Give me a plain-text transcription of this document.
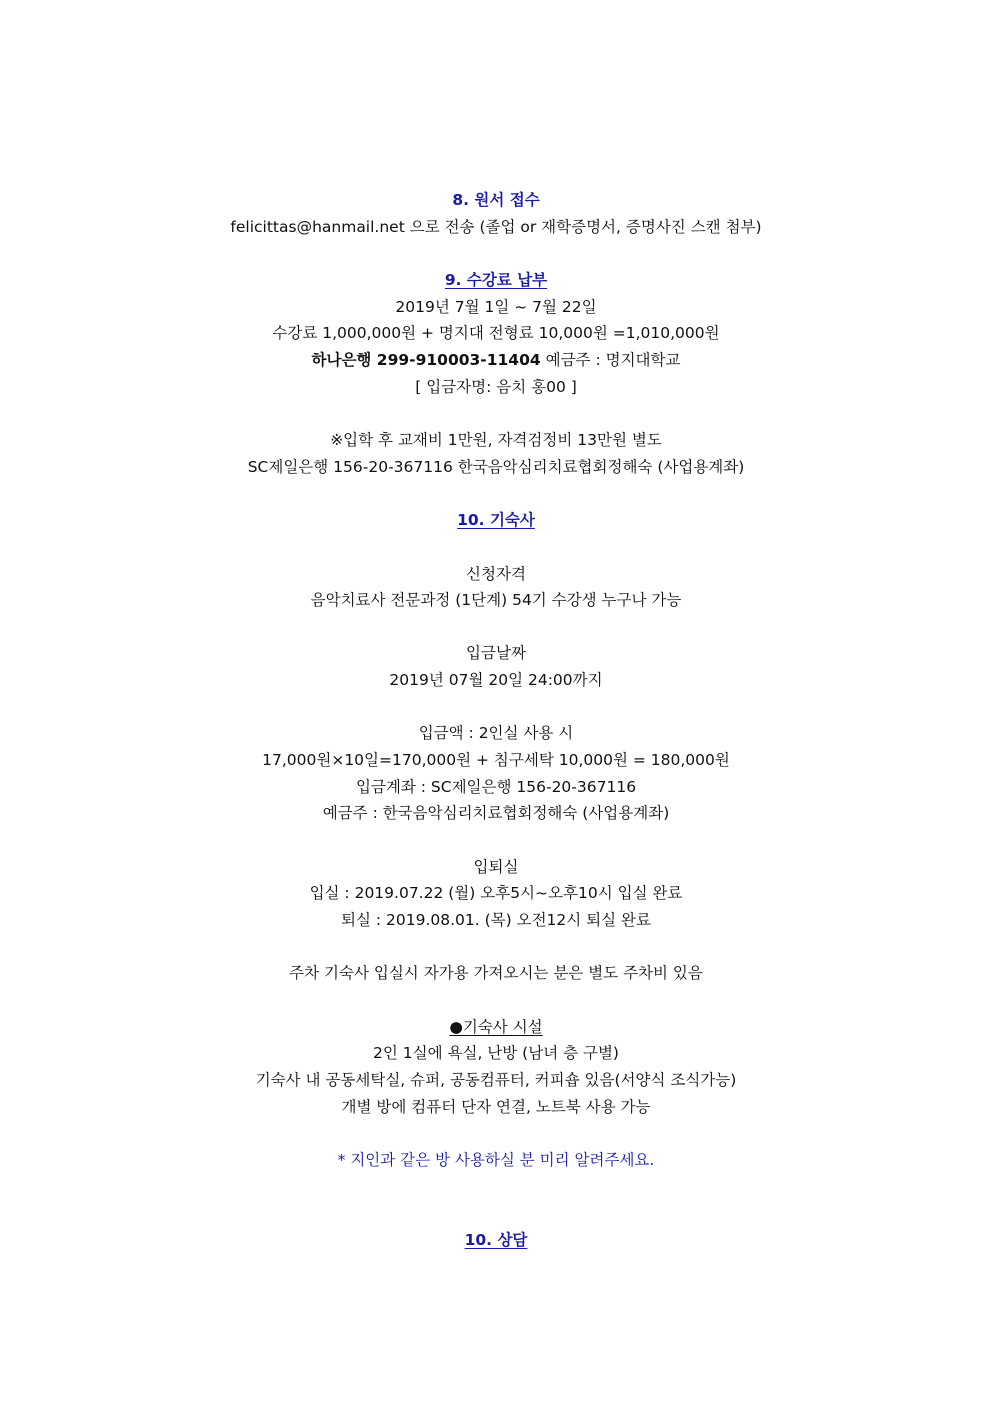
8. 원서 접수
felicittas@hanmail.net 으로 전송 (졸업 or 재학증명서, 증명사진 스캔 첨부)
9. 수강료 납부
2019년 7월 1일 ~ 7월 22일
수강료 1,000,000원 + 명지대 전형료 10,000원 =1,010,000원
하나은행 299-910003-11404 예금주 : 명지대학교
[ 입금자명: 음치 홍00 ]
※입학 후 교재비 1만원, 자격검정비 13만원 별도
SC제일은행 156-20-367116 한국음악심리치료협회정해숙 (사업용계좌)
10. 기숙사
신청자격
음악치료사 전문과정 (1단계) 54기 수강생 누구나 가능
입금날짜
2019년 07월 20일 24:00까지
입금액 : 2인실 사용 시
17,000원×10일=170,000원 + 침구세탁 10,000원 = 180,000원
입금계좌 : SC제일은행 156-20-367116
예금주 : 한국음악심리치료협회정해숙 (사업용계좌)
입퇴실
입실 : 2019.07.22 (월) 오후5시~오후10시 입실 완료
퇴실 : 2019.08.01. (목) 오전12시 퇴실 완료
주차 기숙사 입실시 자가용 가져오시는 분은 별도 주차비 있음
●기숙사 시설
2인 1실에 욕실, 난방 (남녀 층 구별)
기숙사 내 공동세탁실, 슈퍼, 공동컴퓨터, 커피숍 있음(서양식 조식가능)
개별 방에 컴퓨터 단자 연결, 노트북 사용 가능
* 지인과 같은 방 사용하실 분 미리 알려주세요.
10. 상담
